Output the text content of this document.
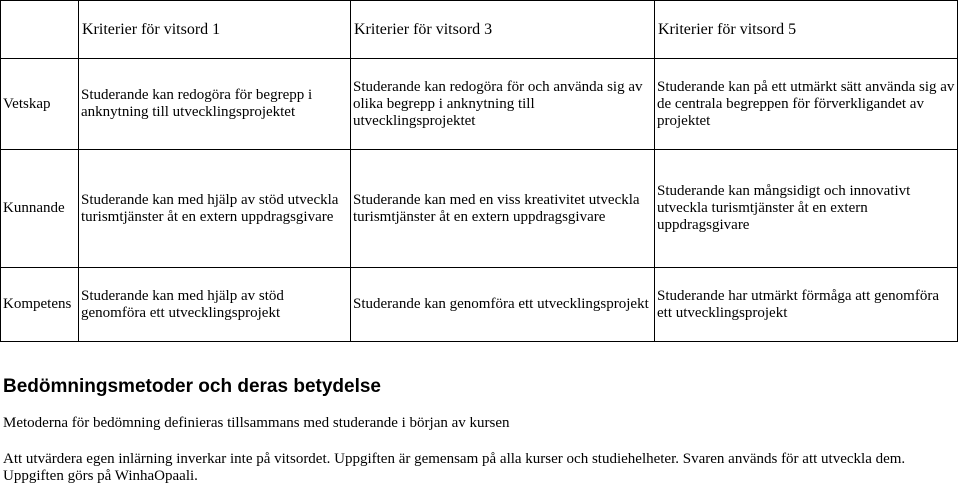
	Kriterier för vitsord 1	Kriterier för vitsord 3	Kriterier för vitsord 5
Vetskap	Studerande kan redogöra för begrepp i anknytning till utvecklingsprojektet	Studerande kan redogöra för och använda sig av olika begrepp i anknytning till utvecklingsprojektet	Studerande kan på ett utmärkt sätt använda sig av de centrala begreppen för förverkligandet av projektet
Kunnande	Studerande kan med hjälp av stöd utveckla turismtjänster åt en extern uppdragsgivare	Studerande kan med en viss kreativitet utveckla turismtjänster åt en extern uppdragsgivare	Studerande kan mångsidigt och innovativt utveckla turismtjänster åt en extern uppdragsgivare
Kompetens	Studerande kan med hjälp av stöd genomföra ett utvecklingsprojekt	Studerande kan genomföra ett utvecklingsprojekt	Studerande har utmärkt förmåga att genomföra ett utvecklingsprojekt
Bedömningsmetoder och deras betydelse
Metoderna för bedömning definieras tillsammans med studerande i början av kursen
Att utvärdera egen inlärning inverkar inte på vitsordet. Uppgiften är gemensam på alla kurser och studiehelheter. Svaren används för att utveckla dem. Uppgiften görs på WinhaOpaali.
